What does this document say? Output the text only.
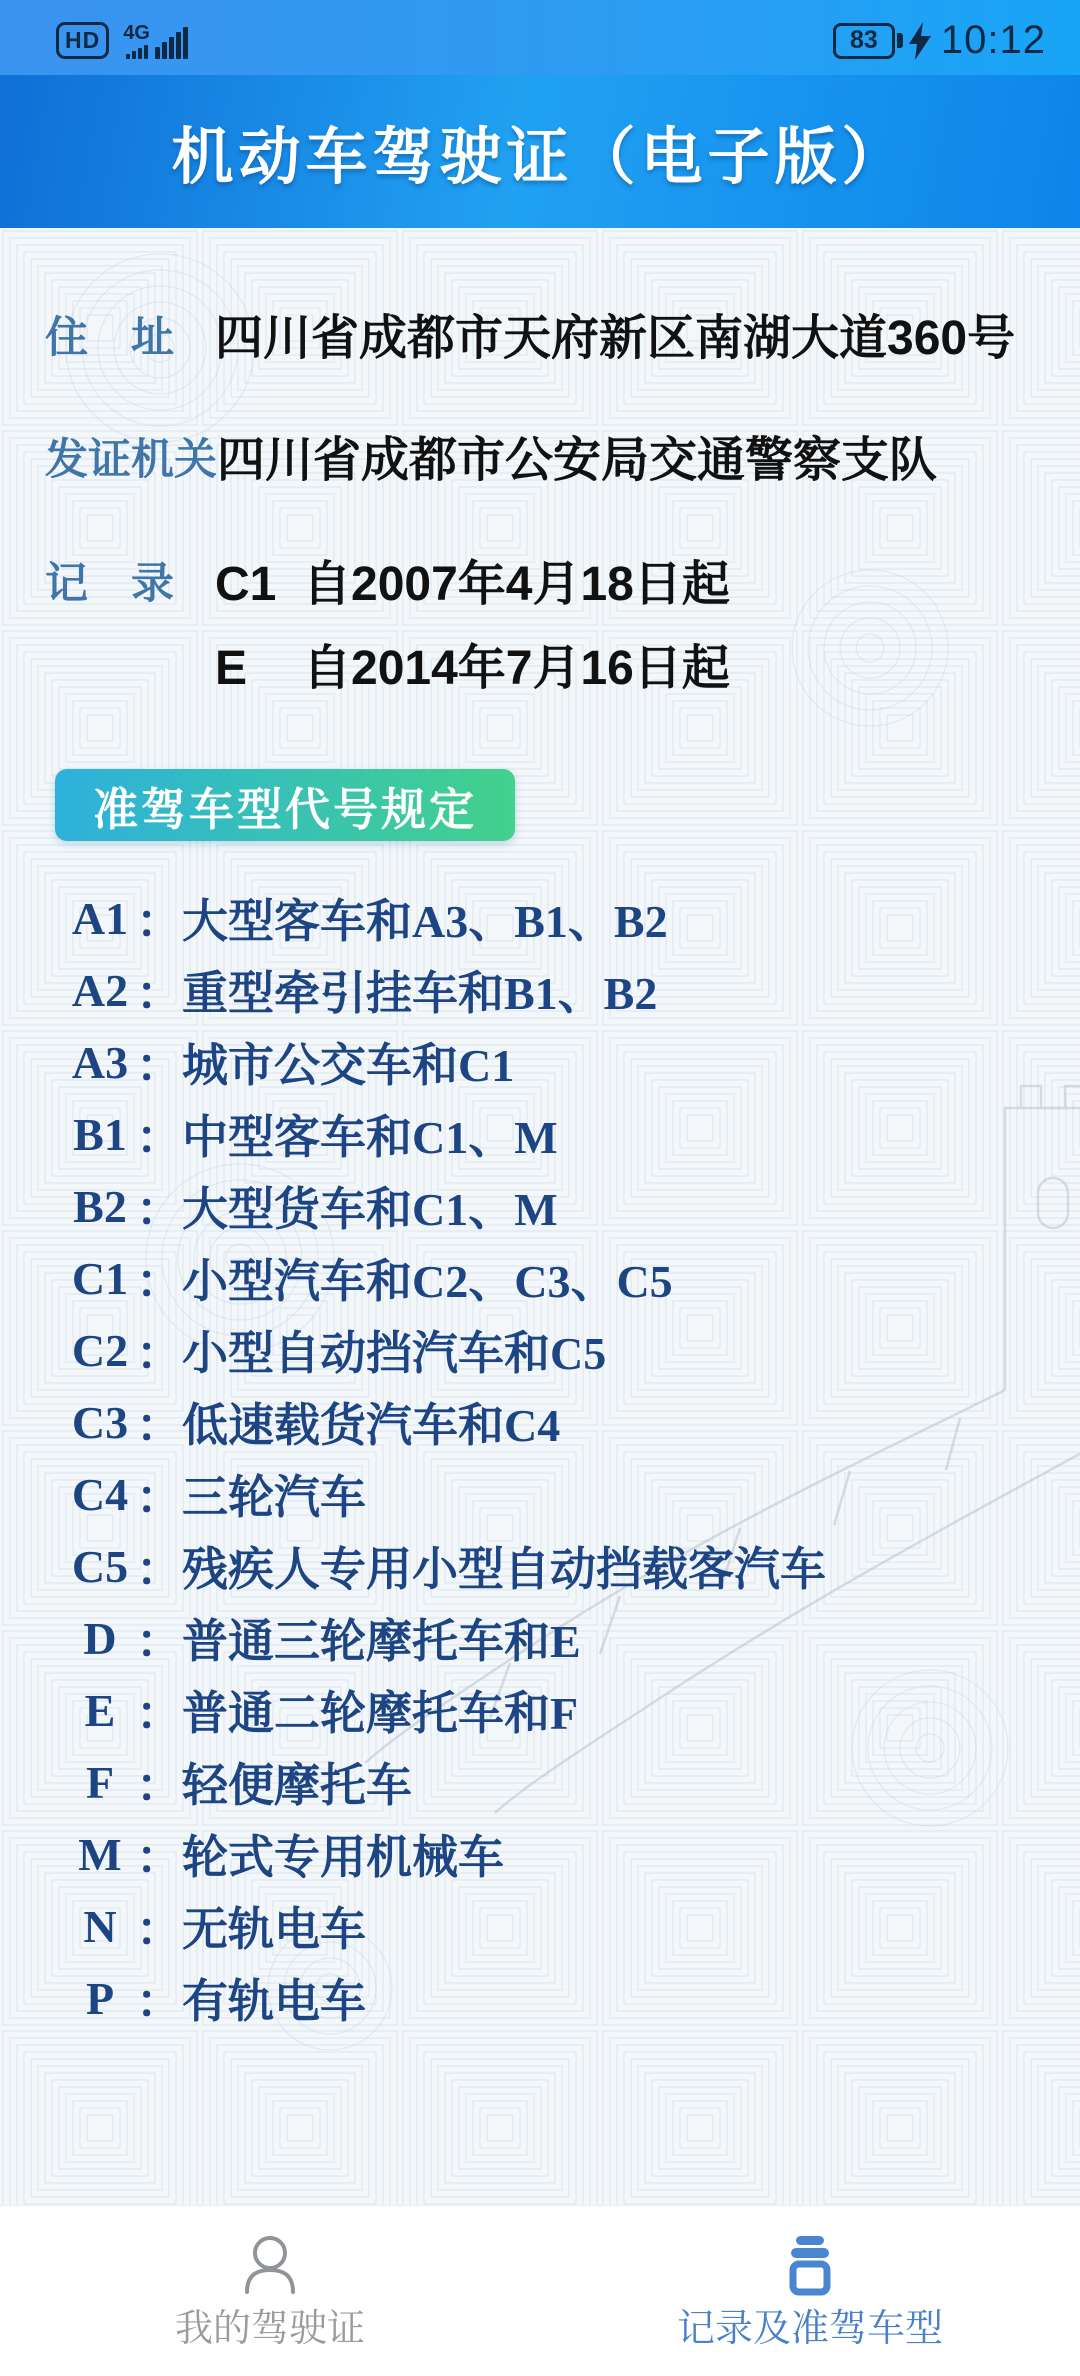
HD	4G	83 10:12
机动车驾驶证（电子版）
住　址 四川省成都市天府新区南湖大道360号
发证机关 四川省成都市公安局交通警察支队
记　录 C1 自2007年4月18日起
E 自2014年7月16日起
准驾车型代号规定
A1 ： 大型客车和A3、B1、B2
A2 ： 重型牵引挂车和B1、B2
A3 ： 城市公交车和C1
B1 ： 中型客车和C1、M
B2 ： 大型货车和C1、M
C1 ： 小型汽车和C2、C3、C5
C2 ： 小型自动挡汽车和C5
C3 ： 低速载货汽车和C4
C4 ： 三轮汽车
C5 ： 残疾人专用小型自动挡载客汽车
D ： 普通三轮摩托车和E
E ： 普通二轮摩托车和F
F ： 轻便摩托车
M ： 轮式专用机械车
N ： 无轨电车
P ： 有轨电车
我的驾驶证	记录及准驾车型
